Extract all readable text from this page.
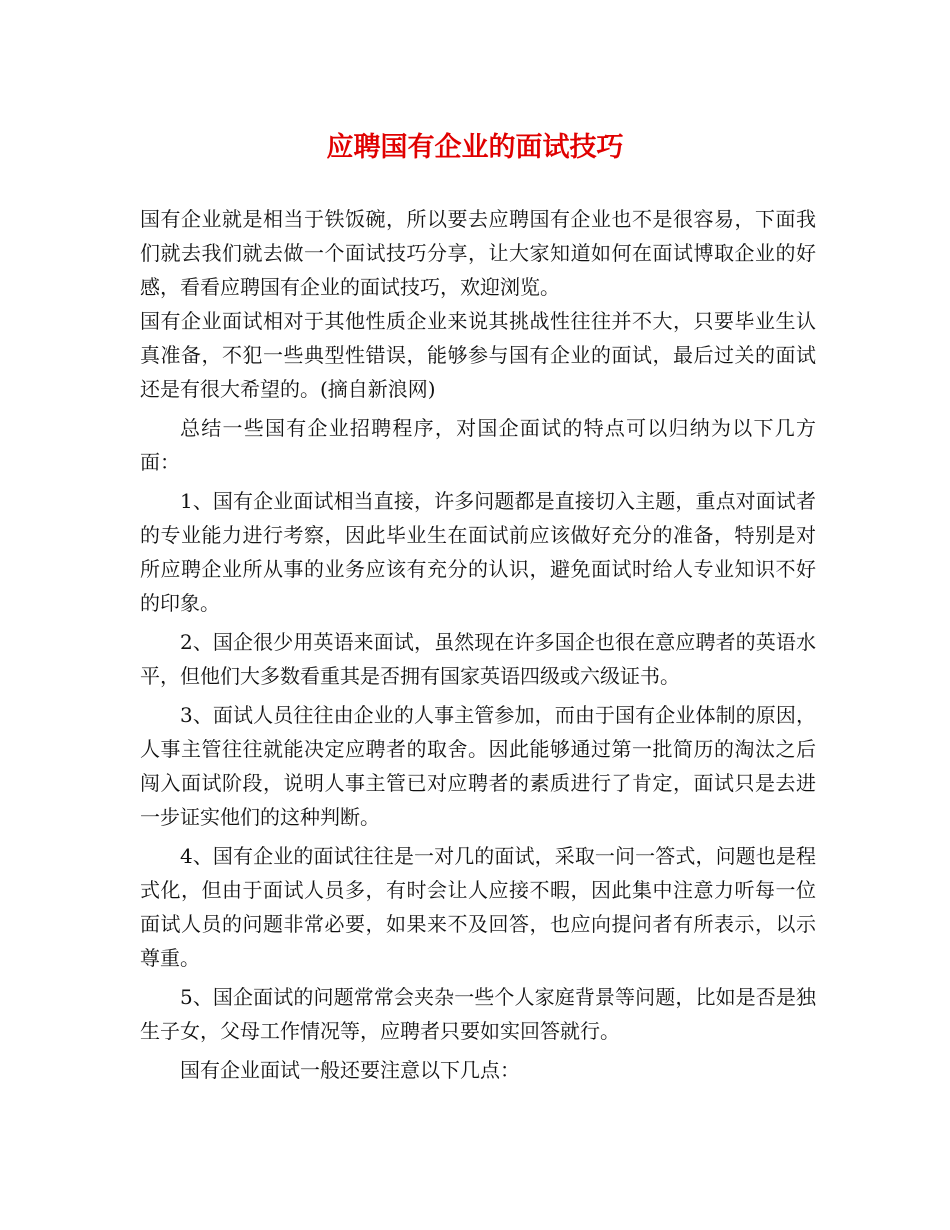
应聘国有企业的面试技巧

国有企业就是相当于铁饭碗，所以要去应聘国有企业也不是很容易，下面我们就去我们就去做一个面试技巧分享，让大家知道如何在面试博取企业的好感，看看应聘国有企业的面试技巧，欢迎浏览。

国有企业面试相对于其他性质企业来说其挑战性往往并不大，只要毕业生认真准备，不犯一些典型性错误，能够参与国有企业的面试，最后过关的面试还是有很大希望的。(摘自新浪网)

总结一些国有企业招聘程序，对国企面试的特点可以归纳为以下几方面：

1、国有企业面试相当直接，许多问题都是直接切入主题，重点对面试者的专业能力进行考察，因此毕业生在面试前应该做好充分的准备，特别是对所应聘企业所从事的业务应该有充分的认识，避免面试时给人专业知识不好的印象。

2、国企很少用英语来面试，虽然现在许多国企也很在意应聘者的英语水平，但他们大多数看重其是否拥有国家英语四级或六级证书。

3、面试人员往往由企业的人事主管参加，而由于国有企业体制的原因，人事主管往往就能决定应聘者的取舍。因此能够通过第一批简历的淘汰之后闯入面试阶段，说明人事主管已对应聘者的素质进行了肯定，面试只是去进一步证实他们的这种判断。

4、国有企业的面试往往是一对几的面试，采取一问一答式，问题也是程式化，但由于面试人员多，有时会让人应接不暇，因此集中注意力听每一位面试人员的问题非常必要，如果来不及回答，也应向提问者有所表示，以示尊重。

5、国企面试的问题常常会夹杂一些个人家庭背景等问题，比如是否是独生子女，父母工作情况等，应聘者只要如实回答就行。

国有企业面试一般还要注意以下几点：
